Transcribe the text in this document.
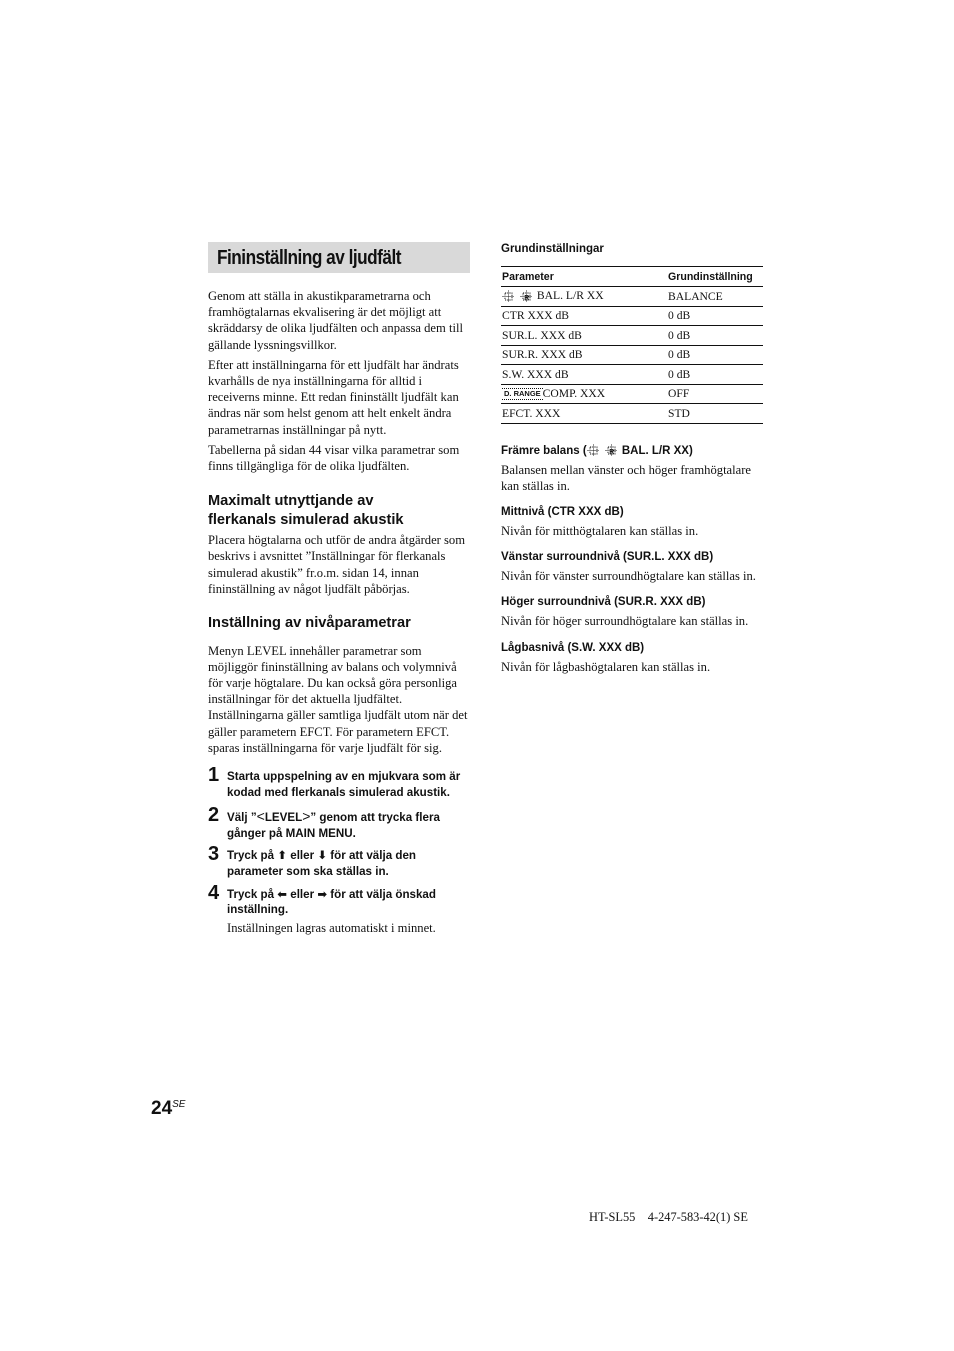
Fininställning av ljudfält

Genom att ställa in akustikparametrarna och framhögtalarnas ekvalisering är det möjligt att skräddarsy de olika ljudfälten och anpassa dem till gällande lyssningsvillkor.

Efter att inställningarna för ett ljudfält har ändrats kvarhålls de nya inställningarna för alltid i receiverns minne. Ett redan fininställt ljudfält kan ändras när som helst genom att helt enkelt ändra parametrarnas inställningar på nytt.

Tabellerna på sidan 44 visar vilka parametrar som finns tillgängliga för de olika ljudfälten.

Maximalt utnyttjande av
flerkanals simulerad akustik

Placera högtalarna och utför de andra åtgärder som beskrivs i avsnittet ”Inställningar för flerkanals simulerad akustik” fr.o.m. sidan 14, innan fininställning av något ljudfält påbörjas.

Inställning av nivåparametrar

Menyn LEVEL innehåller parametrar som möjliggör fininställning av balans och volymnivå för varje högtalare. Du kan också göra personliga inställningar för det aktuella ljudfältet. Inställningarna gäller samtliga ljudfält utom när det gäller parametern EFCT. För parametern EFCT. sparas inställningarna för varje ljudfält för sig.

1 Starta uppspelning av en mjukvara som är kodad med flerkanals simulerad akustik.
2 Välj ”<LEVEL>” genom att trycka flera gånger på MAIN MENU.
3 Tryck på ⬆ eller ⬇ för att välja den parameter som ska ställas in.
4 Tryck på ⬅ eller ➡ för att välja önskad inställning.
Inställningen lagras automatiskt i minnet.
Grundinställningar
Parameter	Grundinställning

R BAL. L/R XX	BALANCE
CTR XXX dB	0 dB
SUR.L. XXX dB	0 dB
SUR.R. XXX dB	0 dB
S.W. XXX dB	0 dB
D. RANGE COMP. XXX	OFF
EFCT. XXX	STD
Främre balans (	R BAL. L/R XX)

Balansen mellan vänster och höger framhögtalare kan ställas in.

Mittnivå (CTR XXX dB)

Nivån för mitthögtalaren kan ställas in.

Vänstar surroundnivå (SUR.L. XXX dB)

Nivån för vänster surroundhögtalare kan ställas in.

Höger surroundnivå (SUR.R. XXX dB)

Nivån för höger surroundhögtalare kan ställas in.

Lågbasnivå (S.W. XXX dB)

Nivån för lågbashögtalaren kan ställas in.

$24^{SE}$
HT-SL55    4-247-583-42(1) SE
